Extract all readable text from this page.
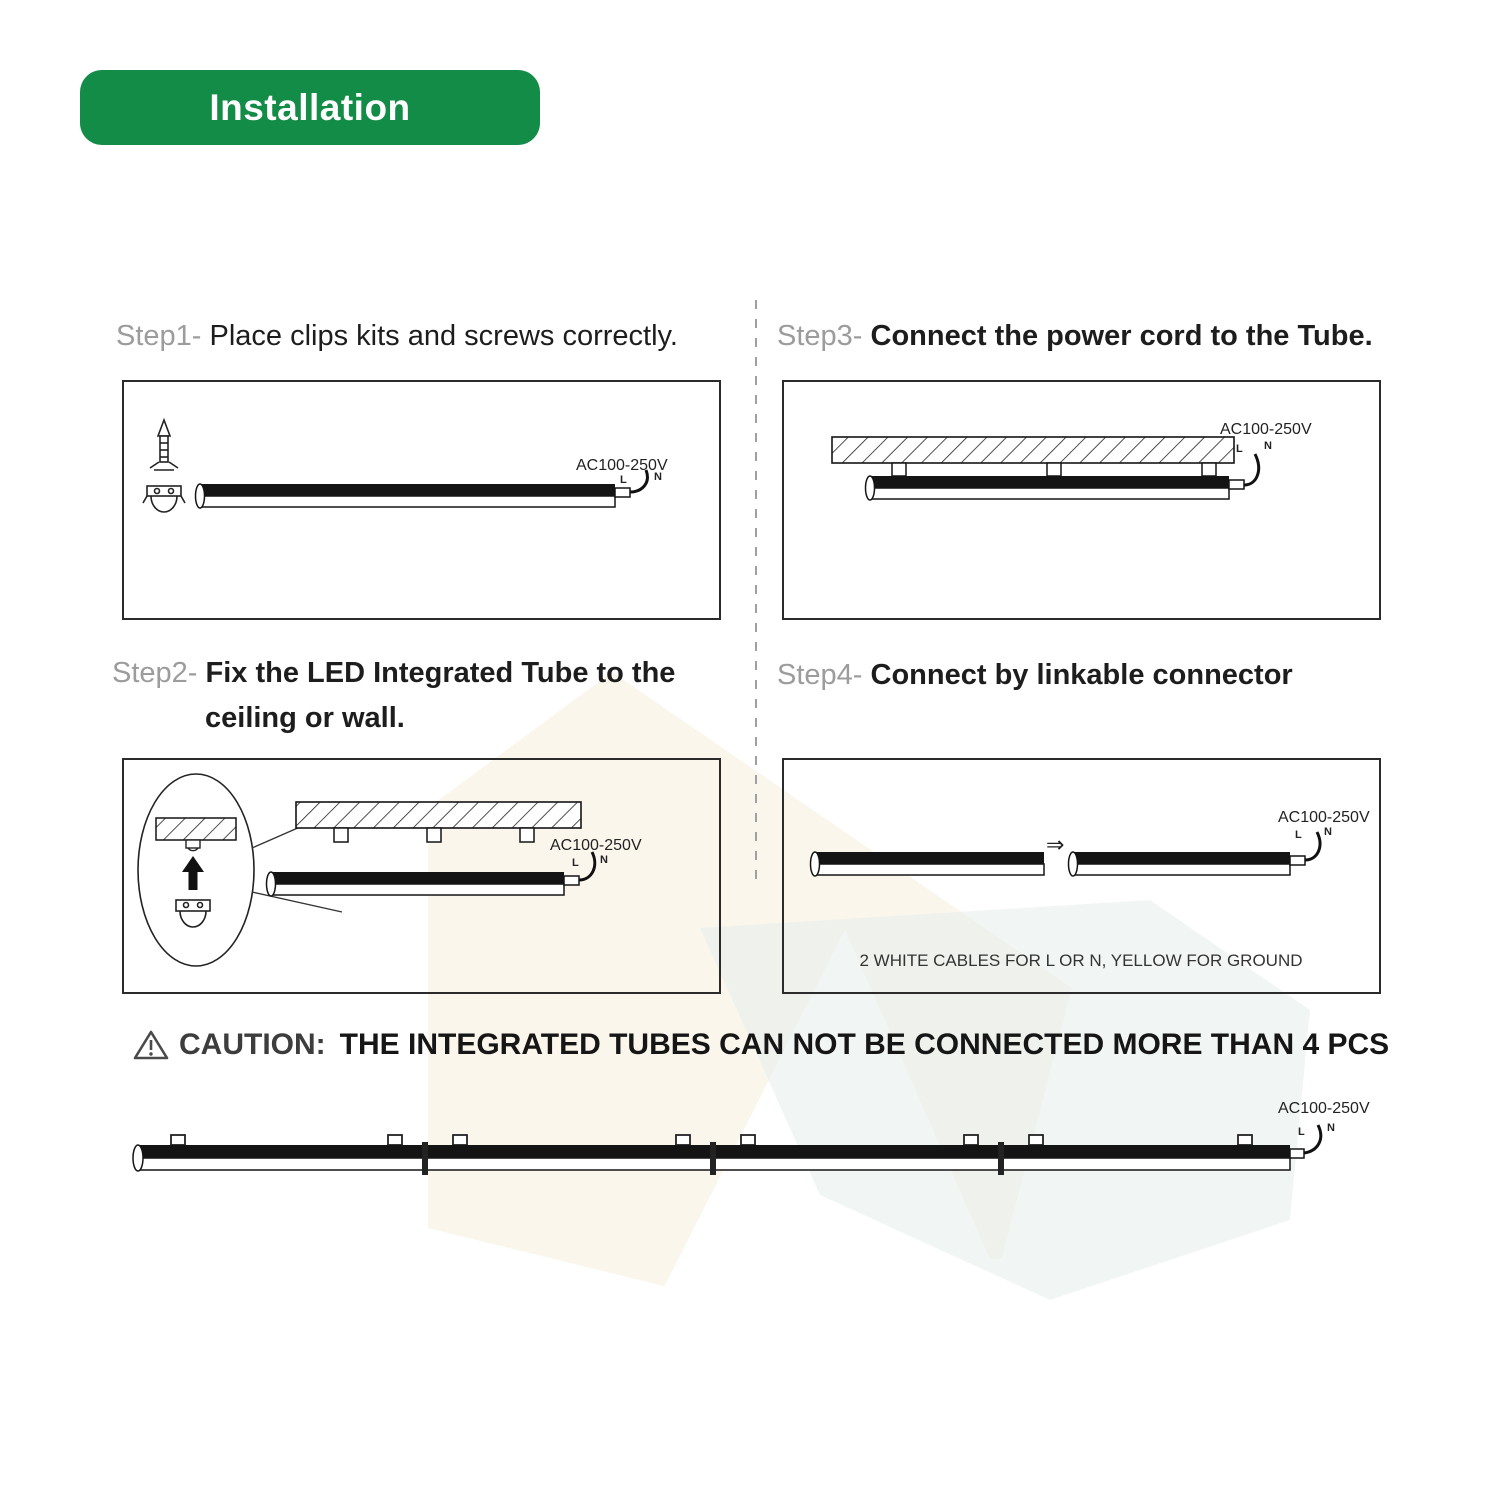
Installation
Step1- Place clips kits and screws correctly.	Step3- Connect the power cord to the Tube.
AC100-250V
L N
AC100-250V
L N
Step2- Fix the LED Integrated Tube to the
ceiling or wall.
Step4- Connect by linkable connector
AC100-250V
L N
⇒
AC100-250V
L N
2 WHITE CABLES FOR L OR N, YELLOW FOR GROUND
CAUTION: THE INTEGRATED TUBES CAN NOT BE CONNECTED MORE THAN 4 PCS
AC100-250V
L N
